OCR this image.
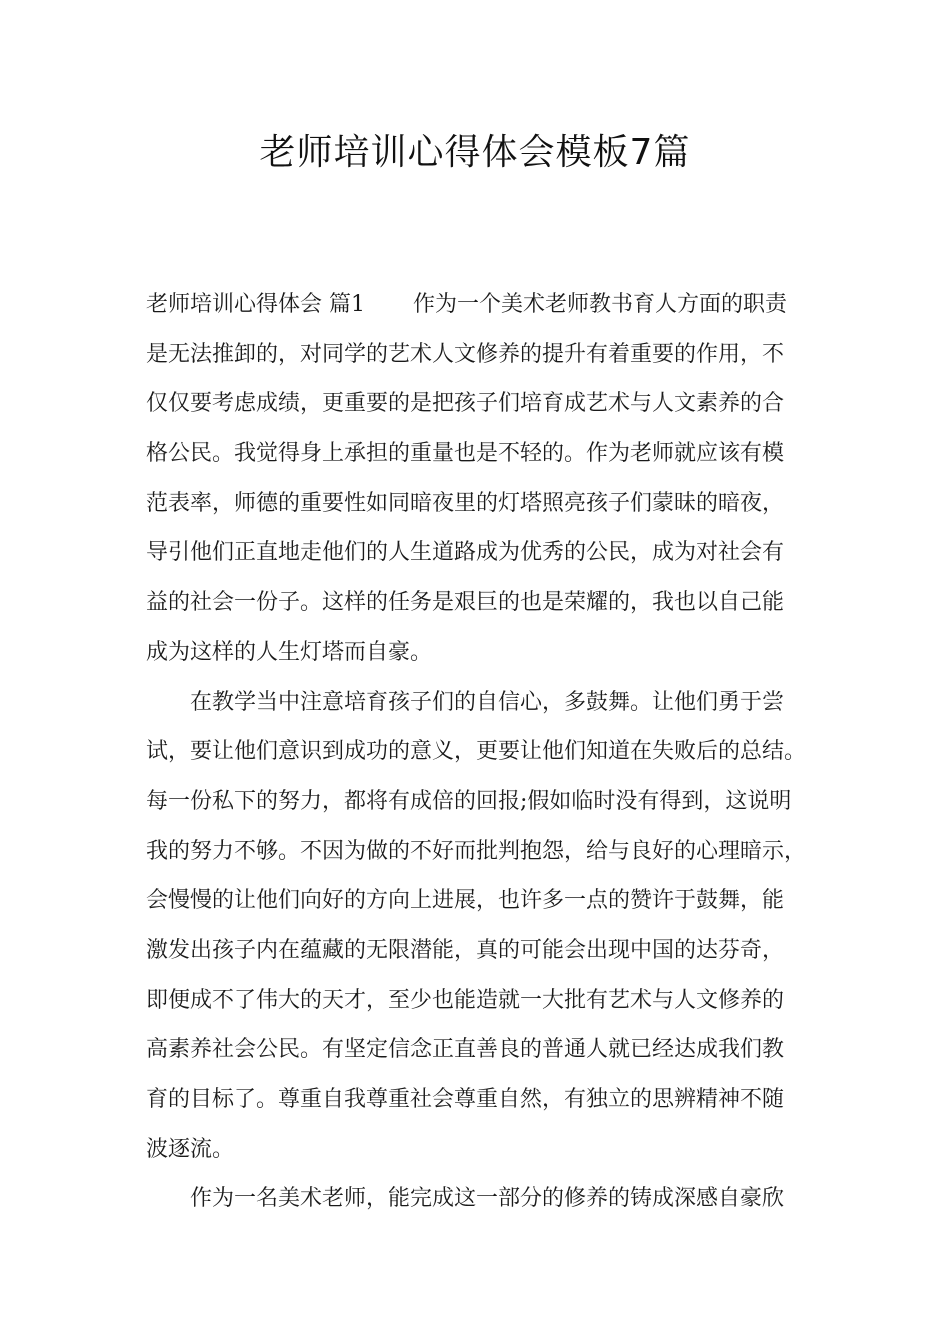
老师培训心得体会模板7篇
老师培训心得体会 篇1 作为一个美术老师教书育人方面的职责
是无法推卸的，对同学的艺术人文修养的提升有着重要的作用，不
仅仅要考虑成绩，更重要的是把孩子们培育成艺术与人文素养的合
格公民。我觉得身上承担的重量也是不轻的。作为老师就应该有模
范表率，师德的重要性如同暗夜里的灯塔照亮孩子们蒙昧的暗夜，
导引他们正直地走他们的人生道路成为优秀的公民，成为对社会有
益的社会一份子。这样的任务是艰巨的也是荣耀的，我也以自己能
成为这样的人生灯塔而自豪。
　　在教学当中注意培育孩子们的自信心，多鼓舞。让他们勇于尝
试，要让他们意识到成功的意义，更要让他们知道在失败后的总结。
每一份私下的努力，都将有成倍的回报;假如临时没有得到，这说明
我的努力不够。不因为做的不好而批判抱怨，给与良好的心理暗示，
会慢慢的让他们向好的方向上进展，也许多一点的赞许于鼓舞，能
激发出孩子内在蕴藏的无限潜能，真的可能会出现中国的达芬奇，
即便成不了伟大的天才，至少也能造就一大批有艺术与人文修养的
高素养社会公民。有坚定信念正直善良的普通人就已经达成我们教
育的目标了。尊重自我尊重社会尊重自然，有独立的思辨精神不随
波逐流。
　　作为一名美术老师，能完成这一部分的修养的铸成深感自豪欣
